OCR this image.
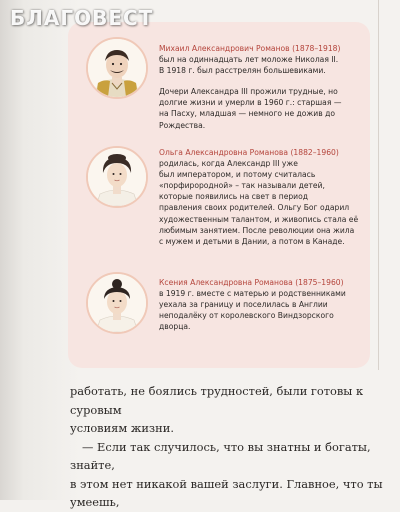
Михаил Александрович Романов (1878–1918)
был на одиннадцать лет моложе Николая II.
В 1918 г. был расстрелян большевиками.

Дочери Александра III прожили трудные, но
долгие жизни и умерли в 1960 г.: старшая —
на Пасху, младшая — немного не дожив до
Рождества.

Ольга Александровна Романова (1882–1960)
родилась, когда Александр III уже
был императором, и потому считалась
«порфирородной» – так называли детей,
которые появились на свет в период
правления своих родителей. Ольгу Бог одарил
художественным талантом, и живопись стала её
любимым занятием. После революции она жила
с мужем и детьми в Дании, а потом в Канаде.

Ксения Александровна Романова (1875–1960)
в 1919 г. вместе с матерью и родственниками
уехала за границу и поселилась в Англии
неподалёку от королевского Виндзорского
дворца.

работать, не боялись трудностей, были готовы к суровым

условиям жизни.

— Если так случилось, что вы знатны и богаты, знайте,

в этом нет никакой вашей заслуги. Главное, что ты умеешь,

БЛАГОВЕСТ
